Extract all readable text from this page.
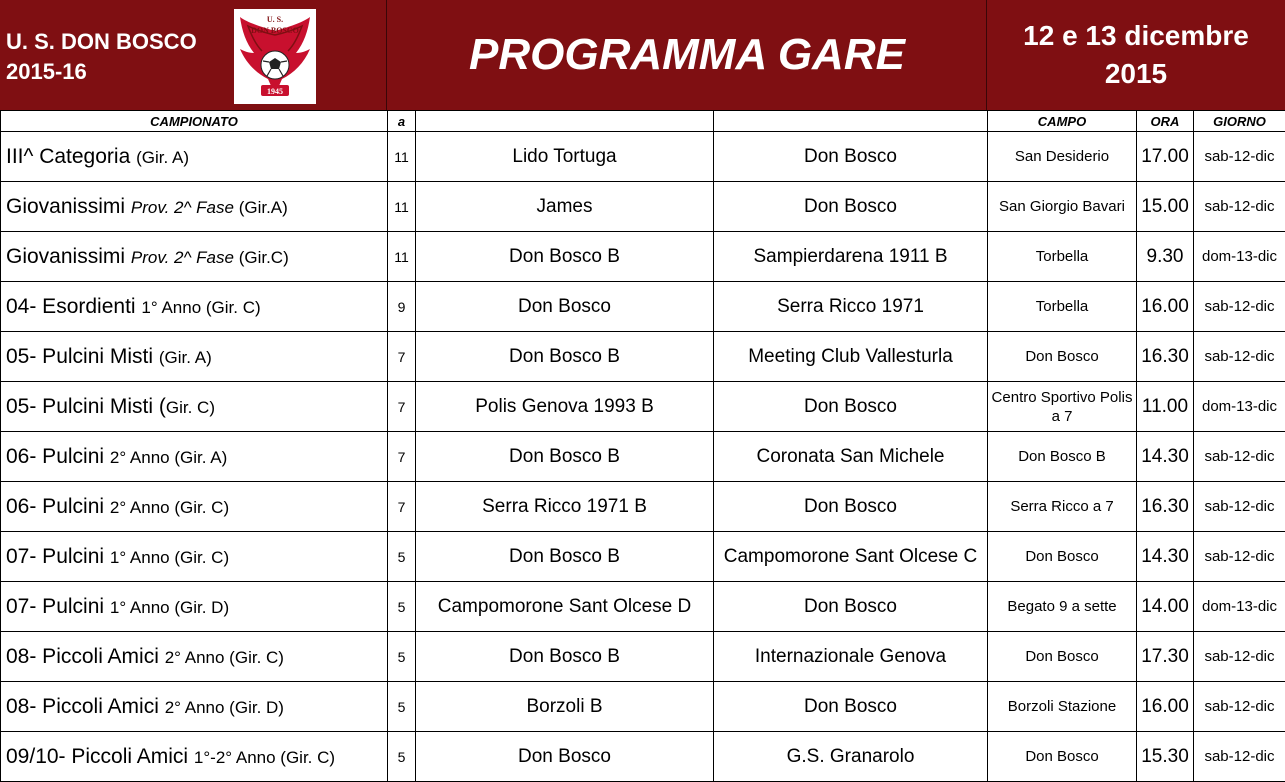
U. S. DON BOSCO
2015-16
U. S.
DON BOSCO
1945
PROGRAMMA GARE	12 e 13 dicembre
2015
CAMPIONATO	a			CAMPO	ORA	GIORNO
III^ Categoria (Gir. A)	11	Lido Tortuga	Don Bosco	San Desiderio	17.00	sab-12-dic
Giovanissimi Prov. 2^ Fase (Gir.A)	11	James	Don Bosco	San Giorgio Bavari	15.00	sab-12-dic
Giovanissimi Prov. 2^ Fase (Gir.C)	11	Don Bosco B	Sampierdarena 1911 B	Torbella	9.30	dom-13-dic
04- Esordienti 1° Anno (Gir. C)	9	Don Bosco	Serra Ricco 1971	Torbella	16.00	sab-12-dic
05- Pulcini Misti (Gir. A)	7	Don Bosco B	Meeting Club Vallesturla	Don Bosco	16.30	sab-12-dic
05- Pulcini Misti (Gir. C)	7	Polis Genova 1993 B	Don Bosco	Centro Sportivo Polis a 7	11.00	dom-13-dic
06- Pulcini 2° Anno (Gir. A)	7	Don Bosco B	Coronata San Michele	Don Bosco B	14.30	sab-12-dic
06- Pulcini 2° Anno (Gir. C)	7	Serra Ricco 1971 B	Don Bosco	Serra Ricco a 7	16.30	sab-12-dic
07- Pulcini 1° Anno (Gir. C)	5	Don Bosco B	Campomorone Sant Olcese C	Don Bosco	14.30	sab-12-dic
07- Pulcini 1° Anno (Gir. D)	5	Campomorone Sant Olcese D	Don Bosco	Begato 9 a sette	14.00	dom-13-dic
08- Piccoli Amici 2° Anno (Gir. C)	5	Don Bosco B	Internazionale Genova	Don Bosco	17.30	sab-12-dic
08- Piccoli Amici 2° Anno (Gir. D)	5	Borzoli B	Don Bosco	Borzoli Stazione	16.00	sab-12-dic
09/10- Piccoli Amici 1°-2° Anno (Gir. C)	5	Don Bosco	G.S. Granarolo	Don Bosco	15.30	sab-12-dic
